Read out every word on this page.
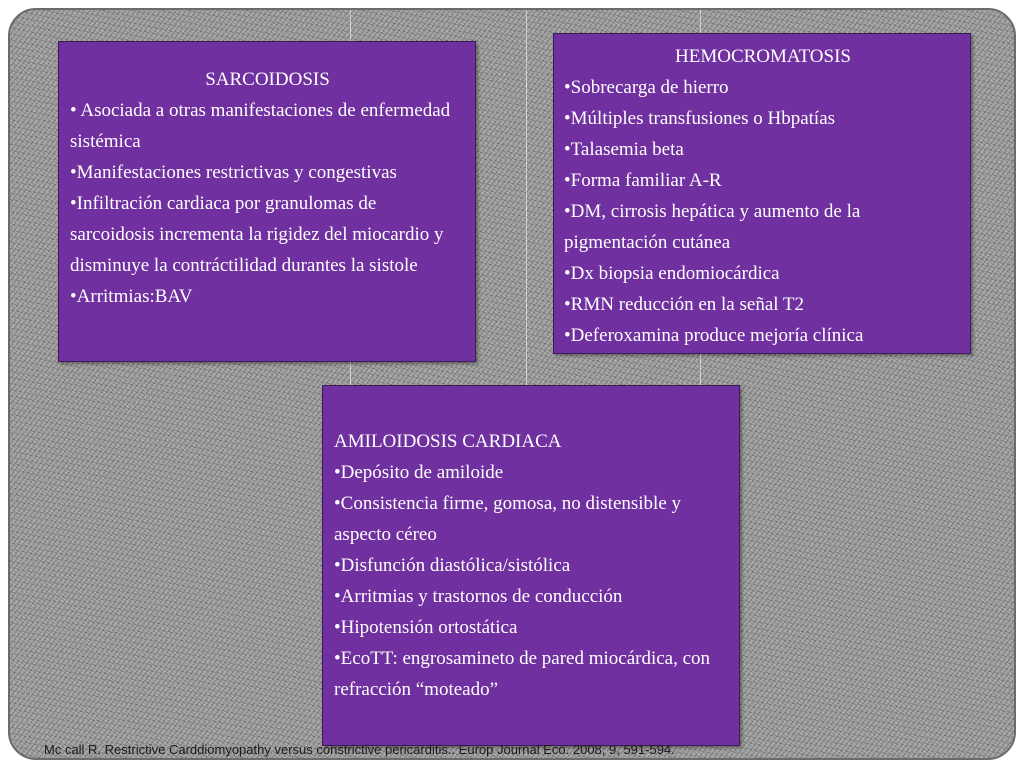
SARCOIDOSIS
• Asociada a otras manifestaciones de enfermedad sistémica
•Manifestaciones restrictivas y congestivas
•Infiltración cardiaca por granulomas de sarcoidosis incrementa la rigidez del miocardio y disminuye la contráctilidad durantes la sistole
•Arritmias:BAV
HEMOCROMATOSIS
•Sobrecarga de hierro
•Múltiples transfusiones o Hbpatías
•Talasemia beta
•Forma familiar A-R
•DM, cirrosis hepática y aumento de la pigmentación cutánea
•Dx biopsia endomiocárdica
•RMN reducción en la señal T2
•Deferoxamina produce mejoría clínica
AMILOIDOSIS CARDIACA
•Depósito de amiloide
•Consistencia firme, gomosa, no distensible y aspecto céreo
•Disfunción diastólica/sistólica
•Arritmias y trastornos de conducción
•Hipotensión ortostática
•EcoTT: engrosamineto de pared miocárdica, con refracción “moteado”
Mc call R. Restrictive Carddiomyopathy versus constrictive pericarditis.. Europ Journal Eco. 2008, 9, 591-594.
